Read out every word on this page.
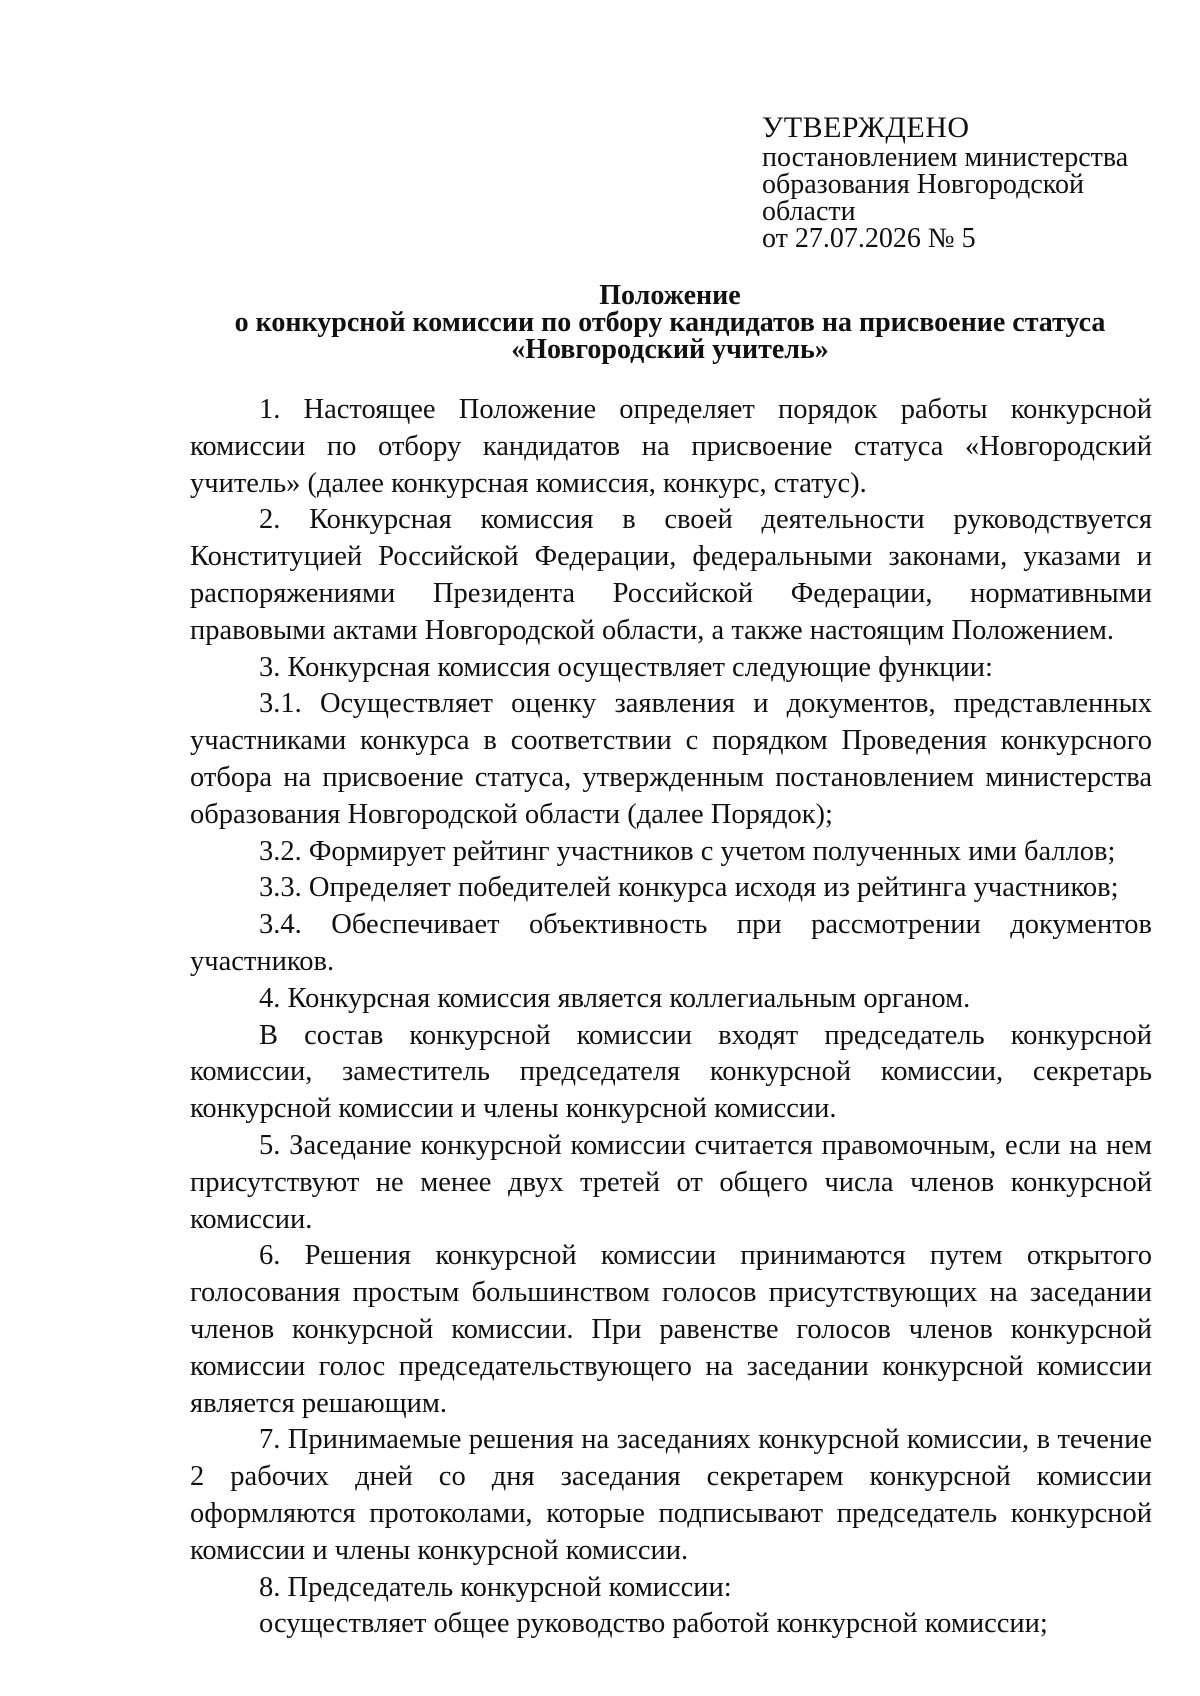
УТВЕРЖДЕНО
постановлением министерства
образования Новгородской
области
от 27.07.2026 № 5
Положение
о конкурсной комиссии по отбору кандидатов на присвоение статуса
«Новгородский учитель»

1. Настоящее Положение определяет порядок работы конкурсной комиссии по отбору кандидатов на присвоение статуса «Новгородский учитель» (далее конкурсная комиссия, конкурс, статус).

2. Конкурсная комиссия в своей деятельности руководствуется Конституцией Российской Федерации, федеральными законами, указами и распоряжениями Президента Российской Федерации, нормативными правовыми актами Новгородской области, а также настоящим Положением.

3. Конкурсная комиссия осуществляет следующие функции:

3.1. Осуществляет оценку заявления и документов, представленных участниками конкурса в соответствии с порядком Проведения конкурсного отбора на присвоение статуса, утвержденным постановлением министерства образования Новгородской области (далее Порядок);

3.2. Формирует рейтинг участников с учетом полученных ими баллов;

3.3. Определяет победителей конкурса исходя из рейтинга участников;

3.4. Обеспечивает объективность при рассмотрении документов участников.

4. Конкурсная комиссия является коллегиальным органом.

В состав конкурсной комиссии входят председатель конкурсной комиссии, заместитель председателя конкурсной комиссии, секретарь конкурсной комиссии и члены конкурсной комиссии.

5. Заседание конкурсной комиссии считается правомочным, если на нем присутствуют не менее двух третей от общего числа членов конкурсной комиссии.

6. Решения конкурсной комиссии принимаются путем открытого голосования простым большинством голосов присутствующих на заседании членов конкурсной комиссии. При равенстве голосов членов конкурсной комиссии голос председательствующего на заседании конкурсной комиссии является решающим.

7. Принимаемые решения на заседаниях конкурсной комиссии, в течение 2 рабочих дней со дня заседания секретарем конкурсной комиссии оформляются протоколами, которые подписывают председатель конкурсной комиссии и члены конкурсной комиссии.

8. Председатель конкурсной комиссии:

осуществляет общее руководство работой конкурсной комиссии;
